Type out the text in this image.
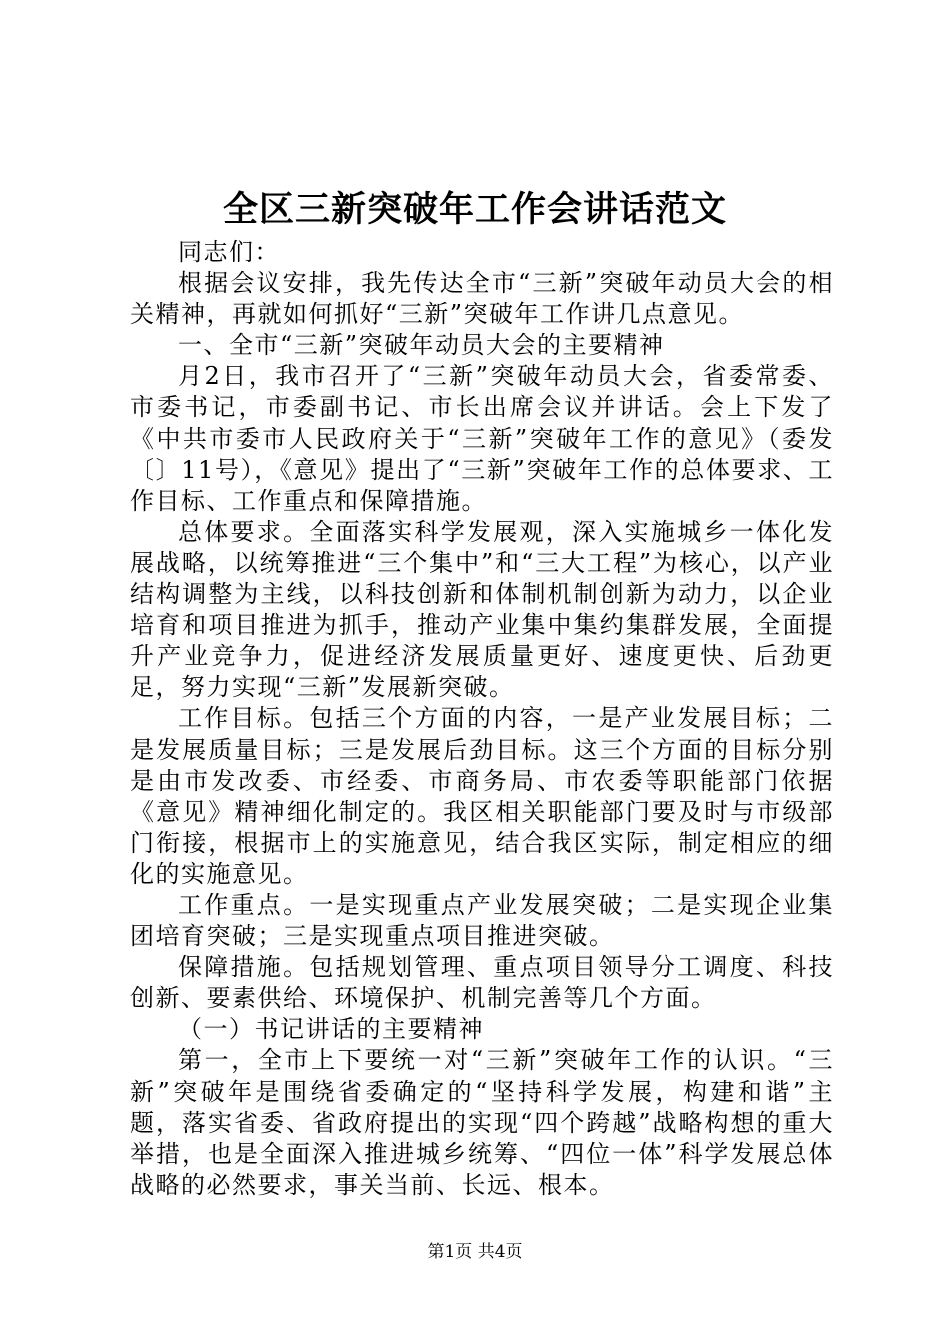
全区三新突破年工作会讲话范文

同志们：

根据会议安排，我先传达全市“三新”突破年动员大会的相关精神，再就如何抓好“三新”突破年工作讲几点意见。

一、全市“三新”突破年动员大会的主要精神

月2日，我市召开了“三新”突破年动员大会，省委常委、市委书记，市委副书记、市长出席会议并讲话。会上下发了《中共市委市人民政府关于“三新”突破年工作的意见》（委发〔〕11号），《意见》提出了“三新”突破年工作的总体要求、工作目标、工作重点和保障措施。

总体要求。全面落实科学发展观，深入实施城乡一体化发展战略，以统筹推进“三个集中”和“三大工程”为核心，以产业结构调整为主线，以科技创新和体制机制创新为动力，以企业培育和项目推进为抓手，推动产业集中集约集群发展，全面提升产业竞争力，促进经济发展质量更好、速度更快、后劲更足，努力实现“三新”发展新突破。

工作目标。包括三个方面的内容，一是产业发展目标；二是发展质量目标；三是发展后劲目标。这三个方面的目标分别是由市发改委、市经委、市商务局、市农委等职能部门依据《意见》精神细化制定的。我区相关职能部门要及时与市级部门衔接，根据市上的实施意见，结合我区实际，制定相应的细化的实施意见。

工作重点。一是实现重点产业发展突破；二是实现企业集团培育突破；三是实现重点项目推进突破。

保障措施。包括规划管理、重点项目领导分工调度、科技创新、要素供给、环境保护、机制完善等几个方面。

（一）书记讲话的主要精神

第一，全市上下要统一对“三新”突破年工作的认识。“三新”突破年是围绕省委确定的“坚持科学发展，构建和谐”主题，落实省委、省政府提出的实现“四个跨越”战略构想的重大举措，也是全面深入推进城乡统筹、“四位一体”科学发展总体战略的必然要求，事关当前、长远、根本。

第1页 共4页
